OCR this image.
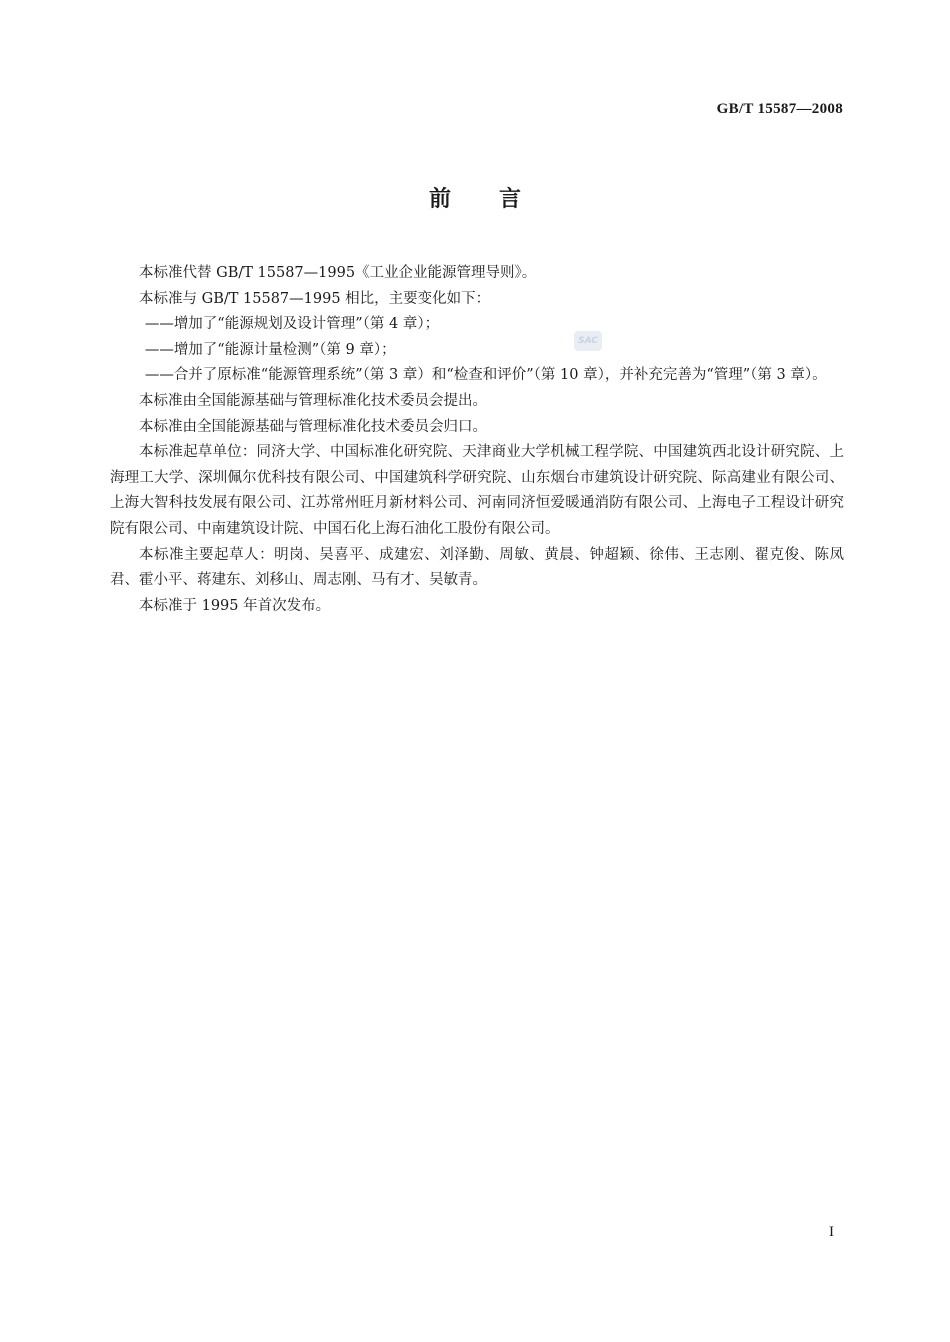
GB/T 15587—2008
前言

本标准代替 GB/T 15587—1995《工业企业能源管理导则》。

本标准与 GB/T 15587—1995 相比，主要变化如下：

——增加了“能源规划及设计管理”（第 4 章）；

——增加了“能源计量检测”（第 9 章）；

——合并了原标准“能源管理系统”（第 3 章）和“检查和评价”（第 10 章），并补充完善为“管理”（第 3 章）。

本标准由全国能源基础与管理标准化技术委员会提出。

本标准由全国能源基础与管理标准化技术委员会归口。

本标准起草单位：同济大学、中国标准化研究院、天津商业大学机械工程学院、中国建筑西北设计研究院、上海理工大学、深圳佩尔优科技有限公司、中国建筑科学研究院、山东烟台市建筑设计研究院、际高建业有限公司、上海大智科技发展有限公司、江苏常州旺月新材料公司、河南同济恒爱暖通消防有限公司、上海电子工程设计研究院有限公司、中南建筑设计院、中国石化上海石油化工股份有限公司。

本标准主要起草人：明岗、吴喜平、成建宏、刘泽勤、周敏、黄晨、钟超颖、徐伟、王志刚、翟克俊、陈凤君、霍小平、蒋建东、刘移山、周志刚、马有才、吴敏青。

本标准于 1995 年首次发布。

SAC
I
